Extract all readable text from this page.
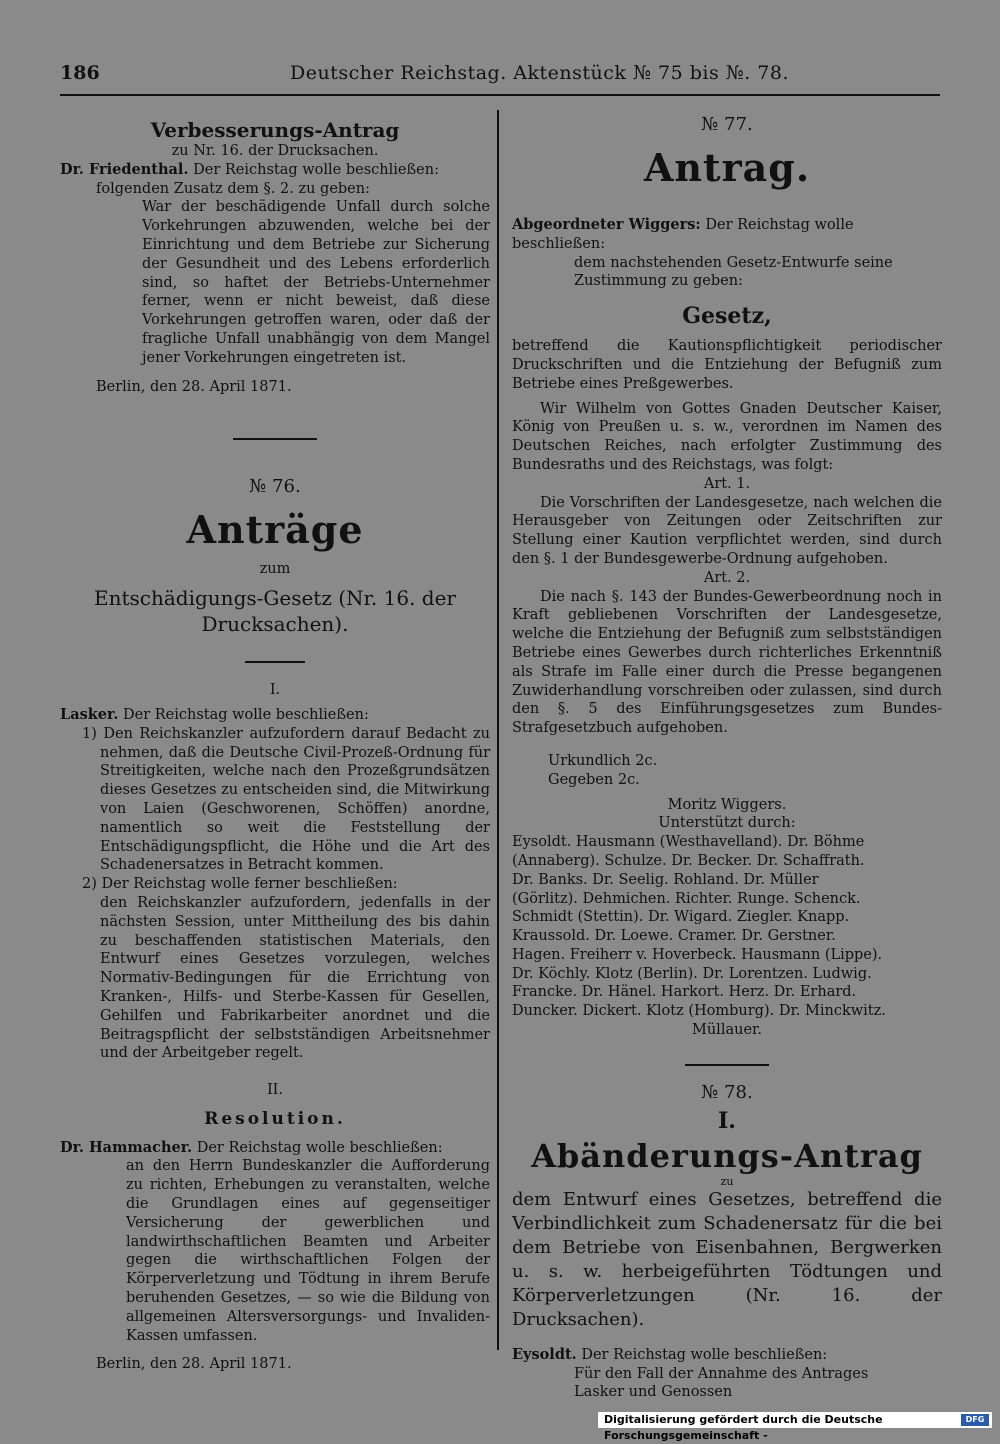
186	Deutscher Reichstag. Aktenstück № 75 bis №. 78.

Verbesserungs-Antrag

zu Nr. 16. der Drucksachen.

Dr. Friedenthal. Der Reichstag wolle beschließen:

folgenden Zusatz dem §. 2. zu geben:

War der beschädigende Unfall durch solche Vorkehrungen abzuwenden, welche bei der Einrichtung und dem Betriebe zur Sicherung der Gesundheit und des Lebens erforderlich sind, so haftet der Betriebs-Unternehmer ferner, wenn er nicht beweist, daß diese Vorkehrungen getroffen waren, oder daß der fragliche Unfall unabhängig von dem Mangel jener Vorkehrungen eingetreten ist.

Berlin, den 28. April 1871.

№ 76.

Anträge

zum

Entschädigungs-Gesetz (Nr. 16. der

Drucksachen).

I.

Lasker. Der Reichstag wolle beschließen:

1) Den Reichskanzler aufzufordern darauf Bedacht zu nehmen, daß die Deutsche Civil-Prozeß-Ordnung für Streitigkeiten, welche nach den Prozeßgrundsätzen dieses Gesetzes zu entscheiden sind, die Mitwirkung von Laien (Geschworenen, Schöffen) anordne, namentlich so weit die Feststellung der Entschädigungspflicht, die Höhe und die Art des Schadenersatzes in Betracht kommen.

2) Der Reichstag wolle ferner beschließen:

den Reichskanzler aufzufordern, jedenfalls in der nächsten Session, unter Mittheilung des bis dahin zu beschaffenden statistischen Materials, den Entwurf eines Gesetzes vorzulegen, welches Normativ-Bedingungen für die Errichtung von Kranken-, Hilfs- und Sterbe-Kassen für Gesellen, Gehilfen und Fabrikarbeiter anordnet und die Beitragspflicht der selbstständigen Arbeitsnehmer und der Arbeitgeber regelt.

II.

Resolution.

Dr. Hammacher. Der Reichstag wolle beschließen:

an den Herrn Bundeskanzler die Aufforderung zu richten, Erhebungen zu veranstalten, welche die Grundlagen eines auf gegenseitiger Versicherung der gewerblichen und landwirthschaftlichen Beamten und Arbeiter gegen die wirthschaftlichen Folgen der Körperverletzung und Tödtung in ihrem Berufe beruhenden Gesetzes, — so wie die Bildung von allgemeinen Altersversorgungs- und Invaliden-Kassen umfassen.

Berlin, den 28. April 1871.

№ 77.

Antrag.

Abgeordneter Wiggers: Der Reichstag wolle beschließen:

dem nachstehenden Gesetz-Entwurfe seine Zustimmung zu geben:

Gesetz,

betreffend die Kautionspflichtigkeit periodischer Druckschriften und die Entziehung der Befugniß zum Betriebe eines Preßgewerbes.

Wir Wilhelm von Gottes Gnaden Deutscher Kaiser, König von Preußen u. s. w., verordnen im Namen des Deutschen Reiches, nach erfolgter Zustimmung des Bundesraths und des Reichstags, was folgt:

Art. 1.

Die Vorschriften der Landesgesetze, nach welchen die Herausgeber von Zeitungen oder Zeitschriften zur Stellung einer Kaution verpflichtet werden, sind durch den §. 1 der Bundesgewerbe-Ordnung aufgehoben.

Art. 2.

Die nach §. 143 der Bundes-Gewerbeordnung noch in Kraft gebliebenen Vorschriften der Landesgesetze, welche die Entziehung der Befugniß zum selbstständigen Betriebe eines Gewerbes durch richterliches Erkenntniß als Strafe im Falle einer durch die Presse begangenen Zuwiderhandlung vorschreiben oder zulassen, sind durch den §. 5 des Einführungsgesetzes zum Bundes-Strafgesetzbuch aufgehoben.

Urkundlich 2c.

Gegeben 2c.

Moritz Wiggers.

Unterstützt durch:

Eysoldt. Hausmann (Westhavelland). Dr. Böhme

(Annaberg). Schulze. Dr. Becker. Dr. Schaffrath.

Dr. Banks. Dr. Seelig. Rohland. Dr. Müller

(Görlitz). Dehmichen. Richter. Runge. Schenck.

Schmidt (Stettin). Dr. Wigard. Ziegler. Knapp.

Kraussold. Dr. Loewe. Cramer. Dr. Gerstner.

Hagen. Freiherr v. Hoverbeck. Hausmann (Lippe).

Dr. Köchly. Klotz (Berlin). Dr. Lorentzen. Ludwig.

Francke. Dr. Hänel. Harkort. Herz. Dr. Erhard.

Duncker. Dickert. Klotz (Homburg). Dr. Minckwitz.

Müllauer.

№ 78.

I.

Abänderungs-Antrag

zu

dem Entwurf eines Gesetzes, betreffend die Verbindlichkeit zum Schadenersatz für die bei dem Betriebe von Eisenbahnen, Bergwerken u. s. w. herbeigeführten Tödtungen und Körperverletzungen (Nr. 16. der Drucksachen).

Eysoldt. Der Reichstag wolle beschließen:

Für den Fall der Annahme des Antrages

Lasker und Genossen

Digitalisierung gefördert durch die Deutsche Forschungsgemeinschaft -
DFG
